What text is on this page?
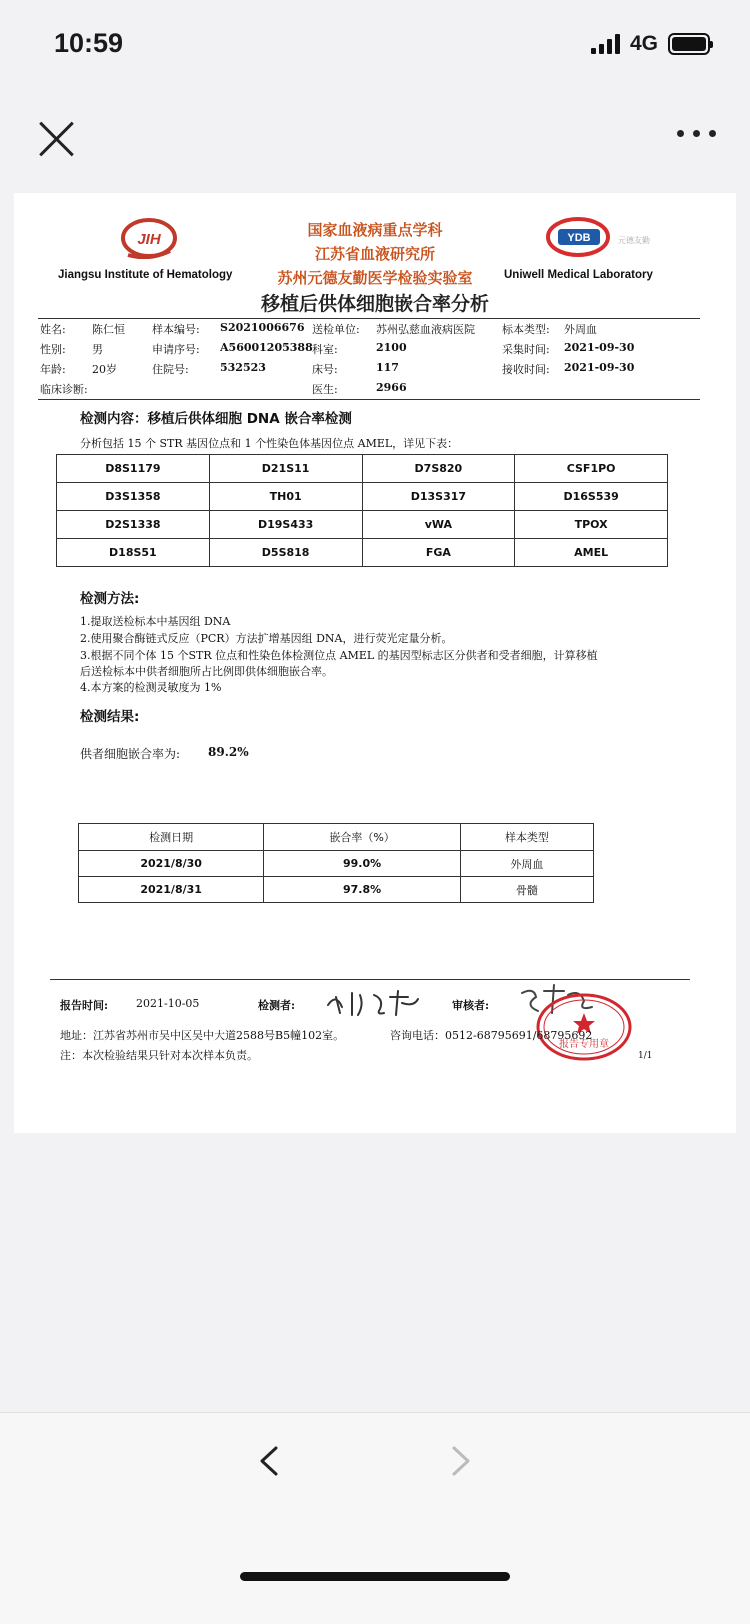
10:59	4G
JIH
Jiangsu Institute of Hematology
国家血液病重点学科
江苏省血液研究所
苏州元德友勤医学检验实验室
YDB	元德友勤
Uniwell Medical Laboratory
移植后供体细胞嵌合率分析
姓名: 陈仁恒 样本编号: S2021006676 送检单位: 苏州弘慈血液病医院 标本类型: 外周血
性别: 男	申请序号: A56001205388 科室:	2100	采集时间: 2021-09-30
年龄: 20岁	住院号:	532523	床号:	117	接收时间: 2021-09-30
临床诊断:	医生:	2966
检测内容：移植后供体细胞 DNA 嵌合率检测
分析包括 15 个 STR 基因位点和 1 个性染色体基因位点 AMEL，详见下表：
D8S1179	D21S11	D7S820	CSF1PO
D3S1358	TH01	D13S317	D16S539
D2S1338	D19S433	vWA	TPOX
D18S51	D5S818	FGA	AMEL
检测方法:
1.提取送检标本中基因组 DNA
2.使用聚合酶链式反应（PCR）方法扩增基因组 DNA，进行荧光定量分析。
3.根据不同个体 15 个STR 位点和性染色体检测位点 AMEL 的基因型标志区分供者和受者细胞，计算移植
后送检标本中供者细胞所占比例即供体细胞嵌合率。
4.本方案的检测灵敏度为 1%
检测结果:
供者细胞嵌合率为: 89.2%
检测日期	嵌合率（%）	样本类型
2021/8/30	99.0%	外周血
2021/8/31	97.8%	骨髓
报告时间:	2021-10-05	检测者:	审核者:
报告专用章
地址：江苏省苏州市吴中区吴中大道2588号B5幢102室。	咨询电话：0512-68795691/68795692
注：本次检验结果只针对本次样本负责。	1/1
